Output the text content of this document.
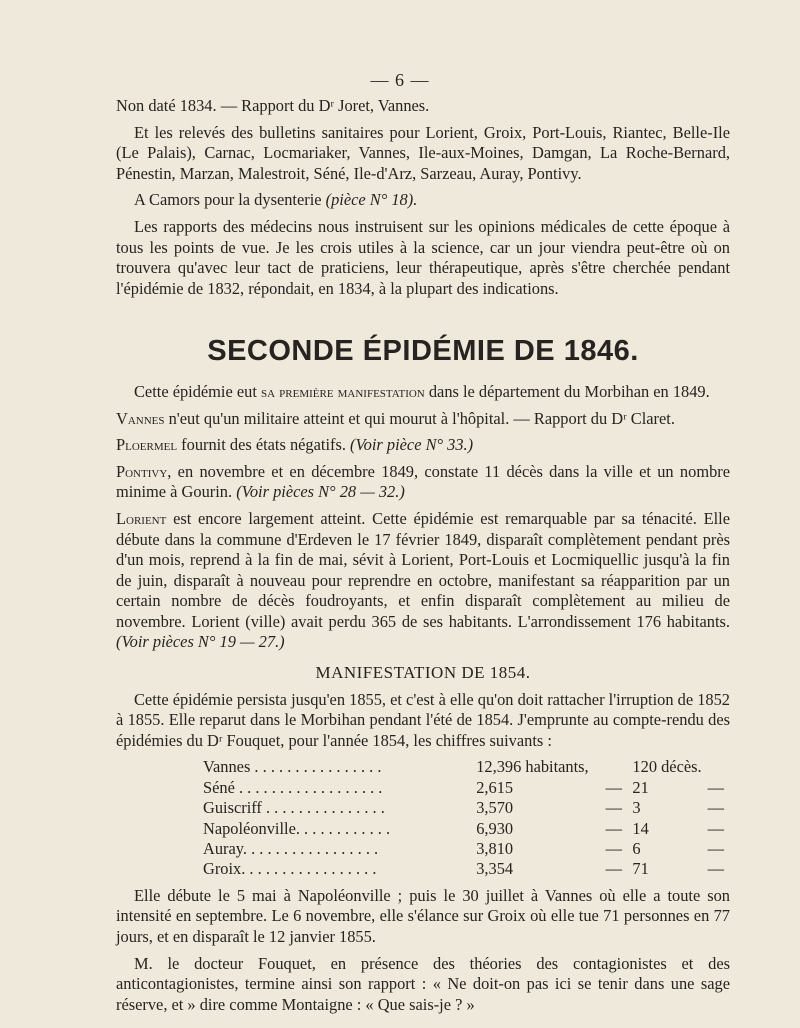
— 6 —

Non daté 1834. — Rapport du Dʳ Joret, Vannes.

Et les relevés des bulletins sanitaires pour Lorient, Groix, Port-Louis, Riantec, Belle-Ile (Le Palais), Carnac, Locmariaker, Vannes, Ile-aux-Moines, Damgan, La Roche-Bernard, Pénestin, Marzan, Malestroit, Séné, Ile-d'Arz, Sarzeau, Auray, Pontivy.

A Camors pour la dysenterie (pièce N° 18).

Les rapports des médecins nous instruisent sur les opinions médicales de cette époque à tous les points de vue. Je les crois utiles à la science, car un jour viendra peut-être où on trouvera qu'avec leur tact de praticiens, leur thérapeutique, après s'être cherchée pendant l'épidémie de 1832, répondait, en 1834, à la plupart des indications.

SECONDE ÉPIDÉMIE DE 1846.

Cette épidémie eut sa première manifestation dans le département du Morbihan en 1849.

Vannes n'eut qu'un militaire atteint et qui mourut à l'hôpital. — Rapport du Dʳ Claret.

Ploermel fournit des états négatifs. (Voir pièce N° 33.)

Pontivy, en novembre et en décembre 1849, constate 11 décès dans la ville et un nombre minime à Gourin. (Voir pièces N° 28 — 32.)

Lorient est encore largement atteint. Cette épidémie est remarquable par sa ténacité. Elle débute dans la commune d'Erdeven le 17 février 1849, disparaît complètement pendant près d'un mois, reprend à la fin de mai, sévit à Lorient, Port-Louis et Locmiquellic jusqu'à la fin de juin, disparaît à nouveau pour reprendre en octobre, manifestant sa réapparition par un certain nombre de décès foudroyants, et enfin disparaît complètement au milieu de novembre. Lorient (ville) avait perdu 365 de ses habitants. L'arrondissement 176 habitants. (Voir pièces N° 19 — 27.)

MANIFESTATION DE 1854.

Cette épidémie persista jusqu'en 1855, et c'est à elle qu'on doit rattacher l'irruption de 1852 à 1855. Elle reparut dans le Morbihan pendant l'été de 1854. J'emprunte au compte-rendu des épidémies du Dʳ Fouquet, pour l'année 1854, les chiffres suivants :

Vannes . . . . . . . . . . . . . . . .	12,396 habitants,		120 décès.	
Séné . . . . . . . . . . . . . . . . . .	2,615	—	21	—
Guiscriff . . . . . . . . . . . . . . .	3,570	—	3	—
Napoléonville. . . . . . . . . . . .	6,930	—	14	—
Auray. . . . . . . . . . . . . . . . .	3,810	—	6	—
Groix. . . . . . . . . . . . . . . . .	3,354	—	71	—

Elle débute le 5 mai à Napoléonville ; puis le 30 juillet à Vannes où elle a toute son intensité en septembre. Le 6 novembre, elle s'élance sur Groix où elle tue 71 personnes en 77 jours, et en disparaît le 12 janvier 1855.

M. le docteur Fouquet, en présence des théories des contagionistes et des anticontagionistes, termine ainsi son rapport : « Ne doit-on pas ici se tenir dans une sage réserve, et » dire comme Montaigne : « Que sais-je ? »
